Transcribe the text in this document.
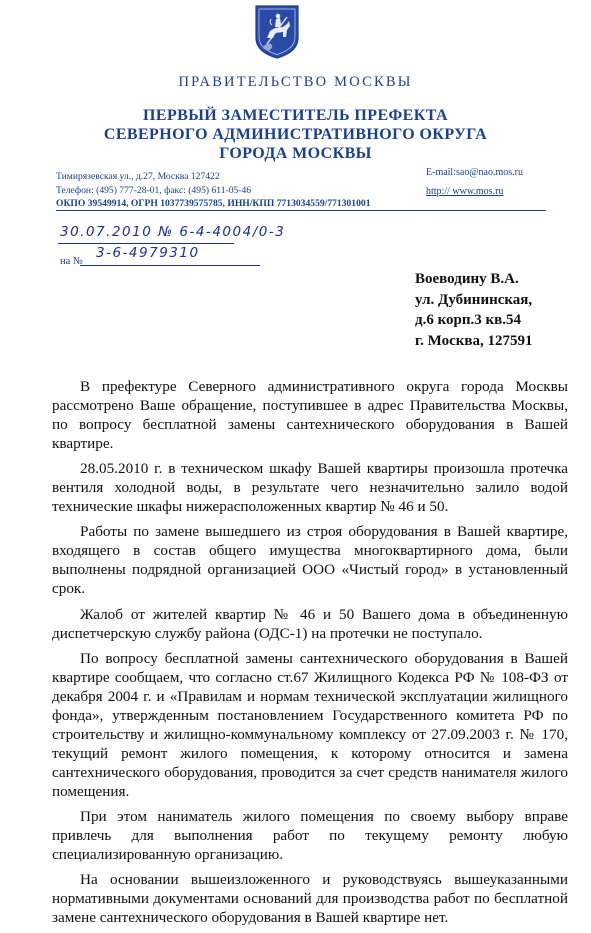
ПРАВИТЕЛЬСТВО МОСКВЫ
ПЕРВЫЙ ЗАМЕСТИТЕЛЬ ПРЕФЕКТА
СЕВЕРНОГО АДМИНИСТРАТИВНОГО ОКРУГА
ГОРОДА МОСКВЫ
Тимирязевская ул., д.27, Москва 127422
Телефон: (495) 777-28-01, факс: (495) 611-05-46
ОКПО 39549914, ОГРН 1037739575785, ИНН/КПП 7713034559/771301001
E-mail:sao@nao.mos.ru
http:// www.mos.ru
30.07.2010 № 6-4-4004/0-3
на №
3-6-4979310
Воеводину В.А.
ул. Дубининская,
д.6 корп.3 кв.54
г. Москва, 127591

В префектуре Северного административного округа города Москвы рассмотрено Ваше обращение, поступившее в адрес Правительства Москвы, по вопросу бесплатной замены сантехнического оборудования в Вашей квартире.

28.05.2010 г. в техническом шкафу Вашей квартиры произошла протечка вентиля холодной воды, в результате чего незначительно залило водой технические шкафы нижерасположенных квартир № 46 и 50.

Работы по замене вышедшего из строя оборудования в Вашей квартире, входящего в состав общего имущества многоквартирного дома, были выполнены подрядной организацией ООО «Чистый город» в установленный срок.

Жалоб от жителей квартир № 46 и 50 Вашего дома в объединенную диспетчерскую службу района (ОДС-1) на протечки не поступало.

По вопросу бесплатной замены сантехнического оборудования в Вашей квартире сообщаем, что согласно ст.67 Жилищного Кодекса РФ № 108-ФЗ от декабря 2004 г. и «Правилам и нормам технической эксплуатации жилищного фонда», утвержденным постановлением Государственного комитета РФ по строительству и жилищно-коммунальному комплексу от 27.09.2003 г. № 170, текущий ремонт жилого помещения, к которому относится и замена сантехнического оборудования, проводится за счет средств нанимателя жилого помещения.

При этом наниматель жилого помещения по своему выбору вправе привлечь для выполнения работ по текущему ремонту любую специализированную организацию.

На основании вышеизложенного и руководствуясь вышеуказанными нормативными документами оснований для производства работ по бесплатной замене сантехнического оборудования в Вашей квартире нет.
